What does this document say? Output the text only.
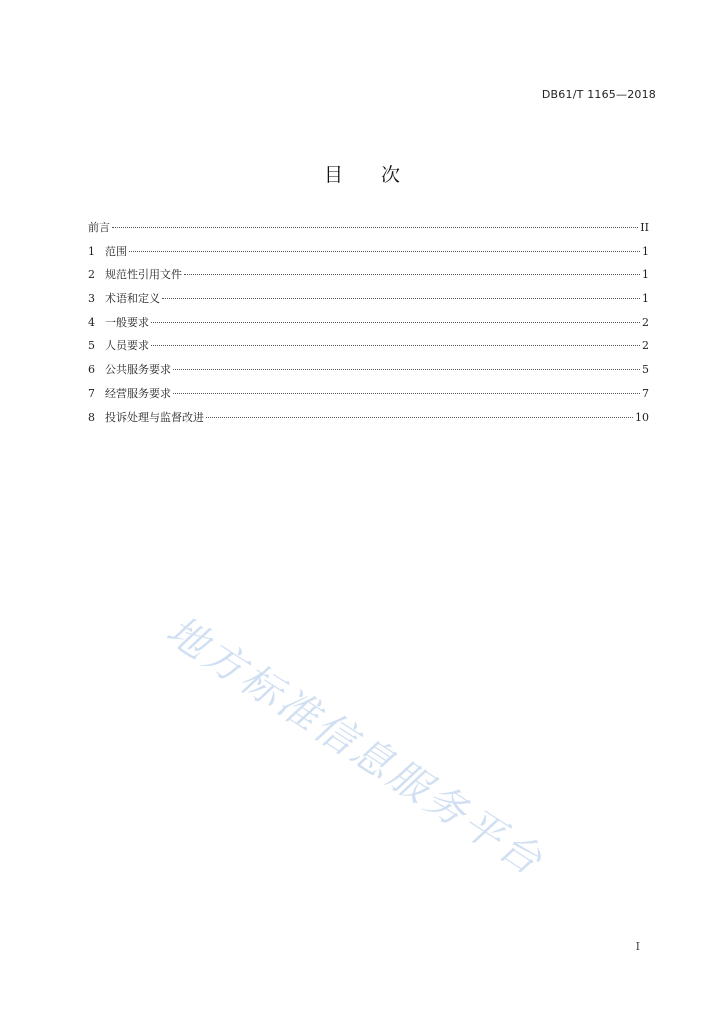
DB61/T 1165—2018
目 次
前言	II
1 范围	1
2 规范性引用文件	1
3 术语和定义	1
4 一般要求	2
5 人员要求	2
6 公共服务要求	5
7 经营服务要求	7
8 投诉处理与监督改进	10
地方标准信息服务平台
I
